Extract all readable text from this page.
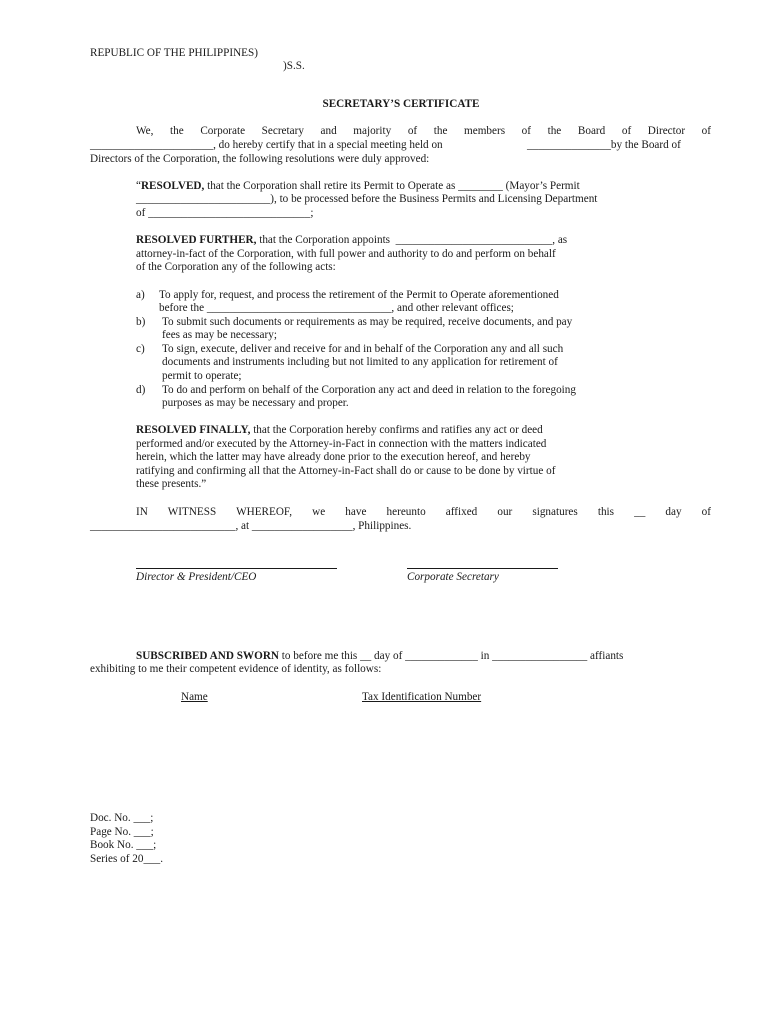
REPUBLIC OF THE PHILIPPINES)
)S.S.
SECRETARY’S CERTIFICATE
We, the Corporate Secretary and majority of the members of the Board of Director of
______________________, do hereby certify that in a special meeting held on	_______________by the Board of
Directors of the Corporation, the following resolutions were duly approved:
“RESOLVED, that the Corporation shall retire its Permit to Operate as ________ (Mayor’s Permit
________________________), to be processed before the Business Permits and Licensing Department
of _____________________________;
RESOLVED FURTHER, that the Corporation appoints  ____________________________, as
attorney-in-fact of the Corporation, with full power and authority to do and perform on behalf
of the Corporation any of the following acts:
a) To apply for, request, and process the retirement of the Permit to Operate aforementioned
before the _________________________________, and other relevant offices;
b) To submit such documents or requirements as may be required, receive documents, and pay
fees as may be necessary;
c) To sign, execute, deliver and receive for and in behalf of the Corporation any and all such
documents and instruments including but not limited to any application for retirement of
permit to operate;
d) To do and perform on behalf of the Corporation any act and deed in relation to the foregoing
purposes as may be necessary and proper.
RESOLVED FINALLY, that the Corporation hereby confirms and ratifies any act or deed
performed and/or executed by the Attorney-in-Fact in connection with the matters indicated
herein, which the latter may have already done prior to the execution hereof, and hereby
ratifying and confirming all that the Attorney-in-Fact shall do or cause to be done by virtue of
these presents.”
IN WITNESS WHEREOF, we have hereunto affixed our signatures this __ day of
__________________________, at __________________, Philippines.
Director & President/CEO	Corporate Secretary
SUBSCRIBED AND SWORN to before me this __ day of _____________ in _________________ affiants
exhibiting to me their competent evidence of identity, as follows:
Name	Tax Identification Number
Doc. No. ___;
Page No. ___;
Book No. ___;
Series of 20___.
